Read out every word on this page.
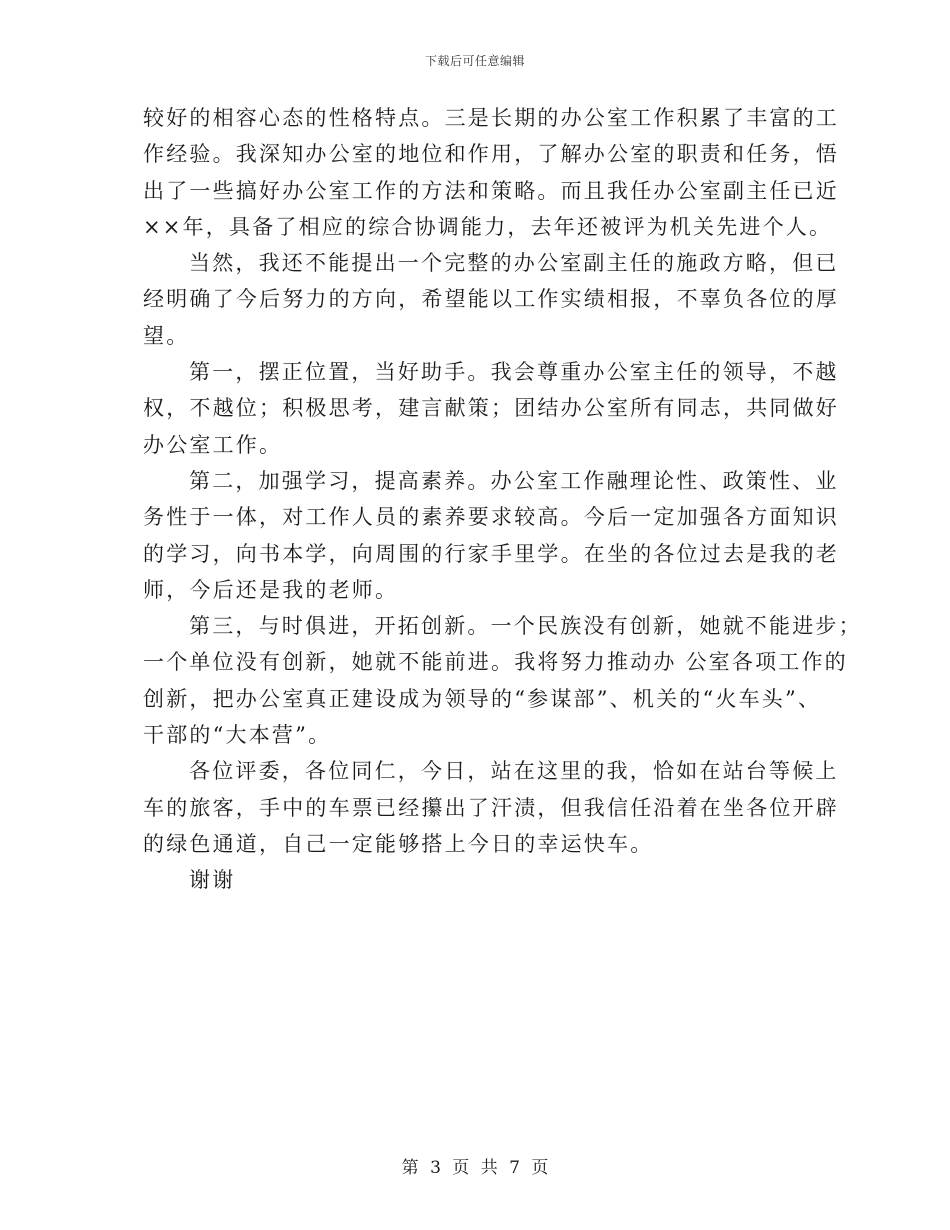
下载后可任意编辑
较好的相容心态的性格特点。三是长期的办公室工作积累了丰富的工
作经验。我深知办公室的地位和作用，了解办公室的职责和任务，悟
出了一些搞好办公室工作的方法和策略。而且我任办公室副主任已近
××年，具备了相应的综合协调能力，去年还被评为机关先进个人。
当然，我还不能提出一个完整的办公室副主任的施政方略，但已
经明确了今后努力的方向，希望能以工作实绩相报，不辜负各位的厚
望。
第一，摆正位置，当好助手。我会尊重办公室主任的领导，不越
权，不越位；积极思考，建言献策；团结办公室所有同志，共同做好
办公室工作。
第二，加强学习，提高素养。办公室工作融理论性、政策性、业
务性于一体，对工作人员的素养要求较高。今后一定加强各方面知识
的学习，向书本学，向周围的行家手里学。在坐的各位过去是我的老
师，今后还是我的老师。
第三，与时俱进，开拓创新。一个民族没有创新，她就不能进步；
一个单位没有创新，她就不能前进。我将努力推动办 公室各项工作的
创新，把办公室真正建设成为领导的“参谋部”、机关的“火车头”、
干部的“大本营”。
各位评委，各位同仁，今日，站在这里的我，恰如在站台等候上
车的旅客，手中的车票已经攥出了汗渍，但我信任沿着在坐各位开辟
的绿色通道，自己一定能够搭上今日的幸运快车。
谢谢
第 3 页 共 7 页
